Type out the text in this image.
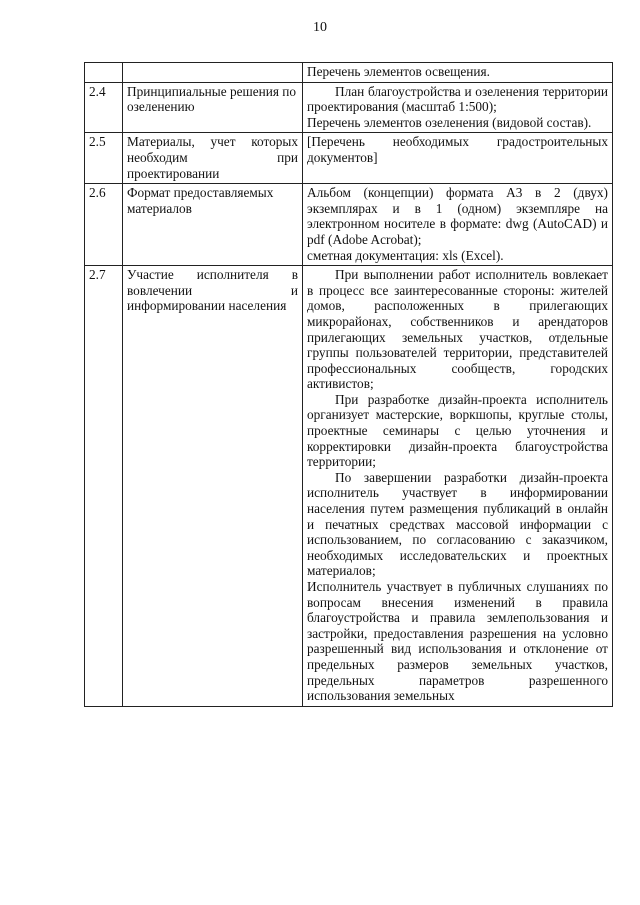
10

		Перечень элементов освещения.

2.4	Принципиальные решения по озеленению	План благоустройства и озеленения территории проектирования (масштаб 1:500);

Перечень элементов озеленения (видовой состав).

2.5	Материалы, учет которых необходим при проектировании	[Перечень необходимых градостроительных документов]

2.6	Формат предоставляемых материалов	Альбом (концепции) формата А3 в 2 (двух) экземплярах и в 1 (одном) экземпляре на электронном носителе в формате: dwg (AutoCAD) и pdf (Adobe Acrobat);

сметная документация: xls (Excel).

2.7	Участие исполнителя в вовлечении и информировании населения	При выполнении работ исполнитель вовлекает в процесс все заинтересованные стороны: жителей домов, расположенных в прилегающих микрорайонах, собственников и арендаторов прилегающих земельных участков, отдельные группы пользователей территории, представителей профессиональных сообществ, городских активистов;

При разработке дизайн-проекта исполнитель организует мастерские, воркшопы, круглые столы, проектные семинары с целью уточнения и корректировки дизайн-проекта благоустройства территории;

По завершении разработки дизайн-проекта исполнитель участвует в информировании населения путем размещения публикаций в онлайн и печатных средствах массовой информации с использованием, по согласованию с заказчиком, необходимых исследовательских и проектных материалов;

Исполнитель участвует в публичных слушаниях по вопросам внесения изменений в правила благоустройства и правила землепользования и застройки, предоставления разрешения на условно разрешенный вид использования и отклонение от предельных размеров земельных участков, предельных параметров разрешенного использования земельных
